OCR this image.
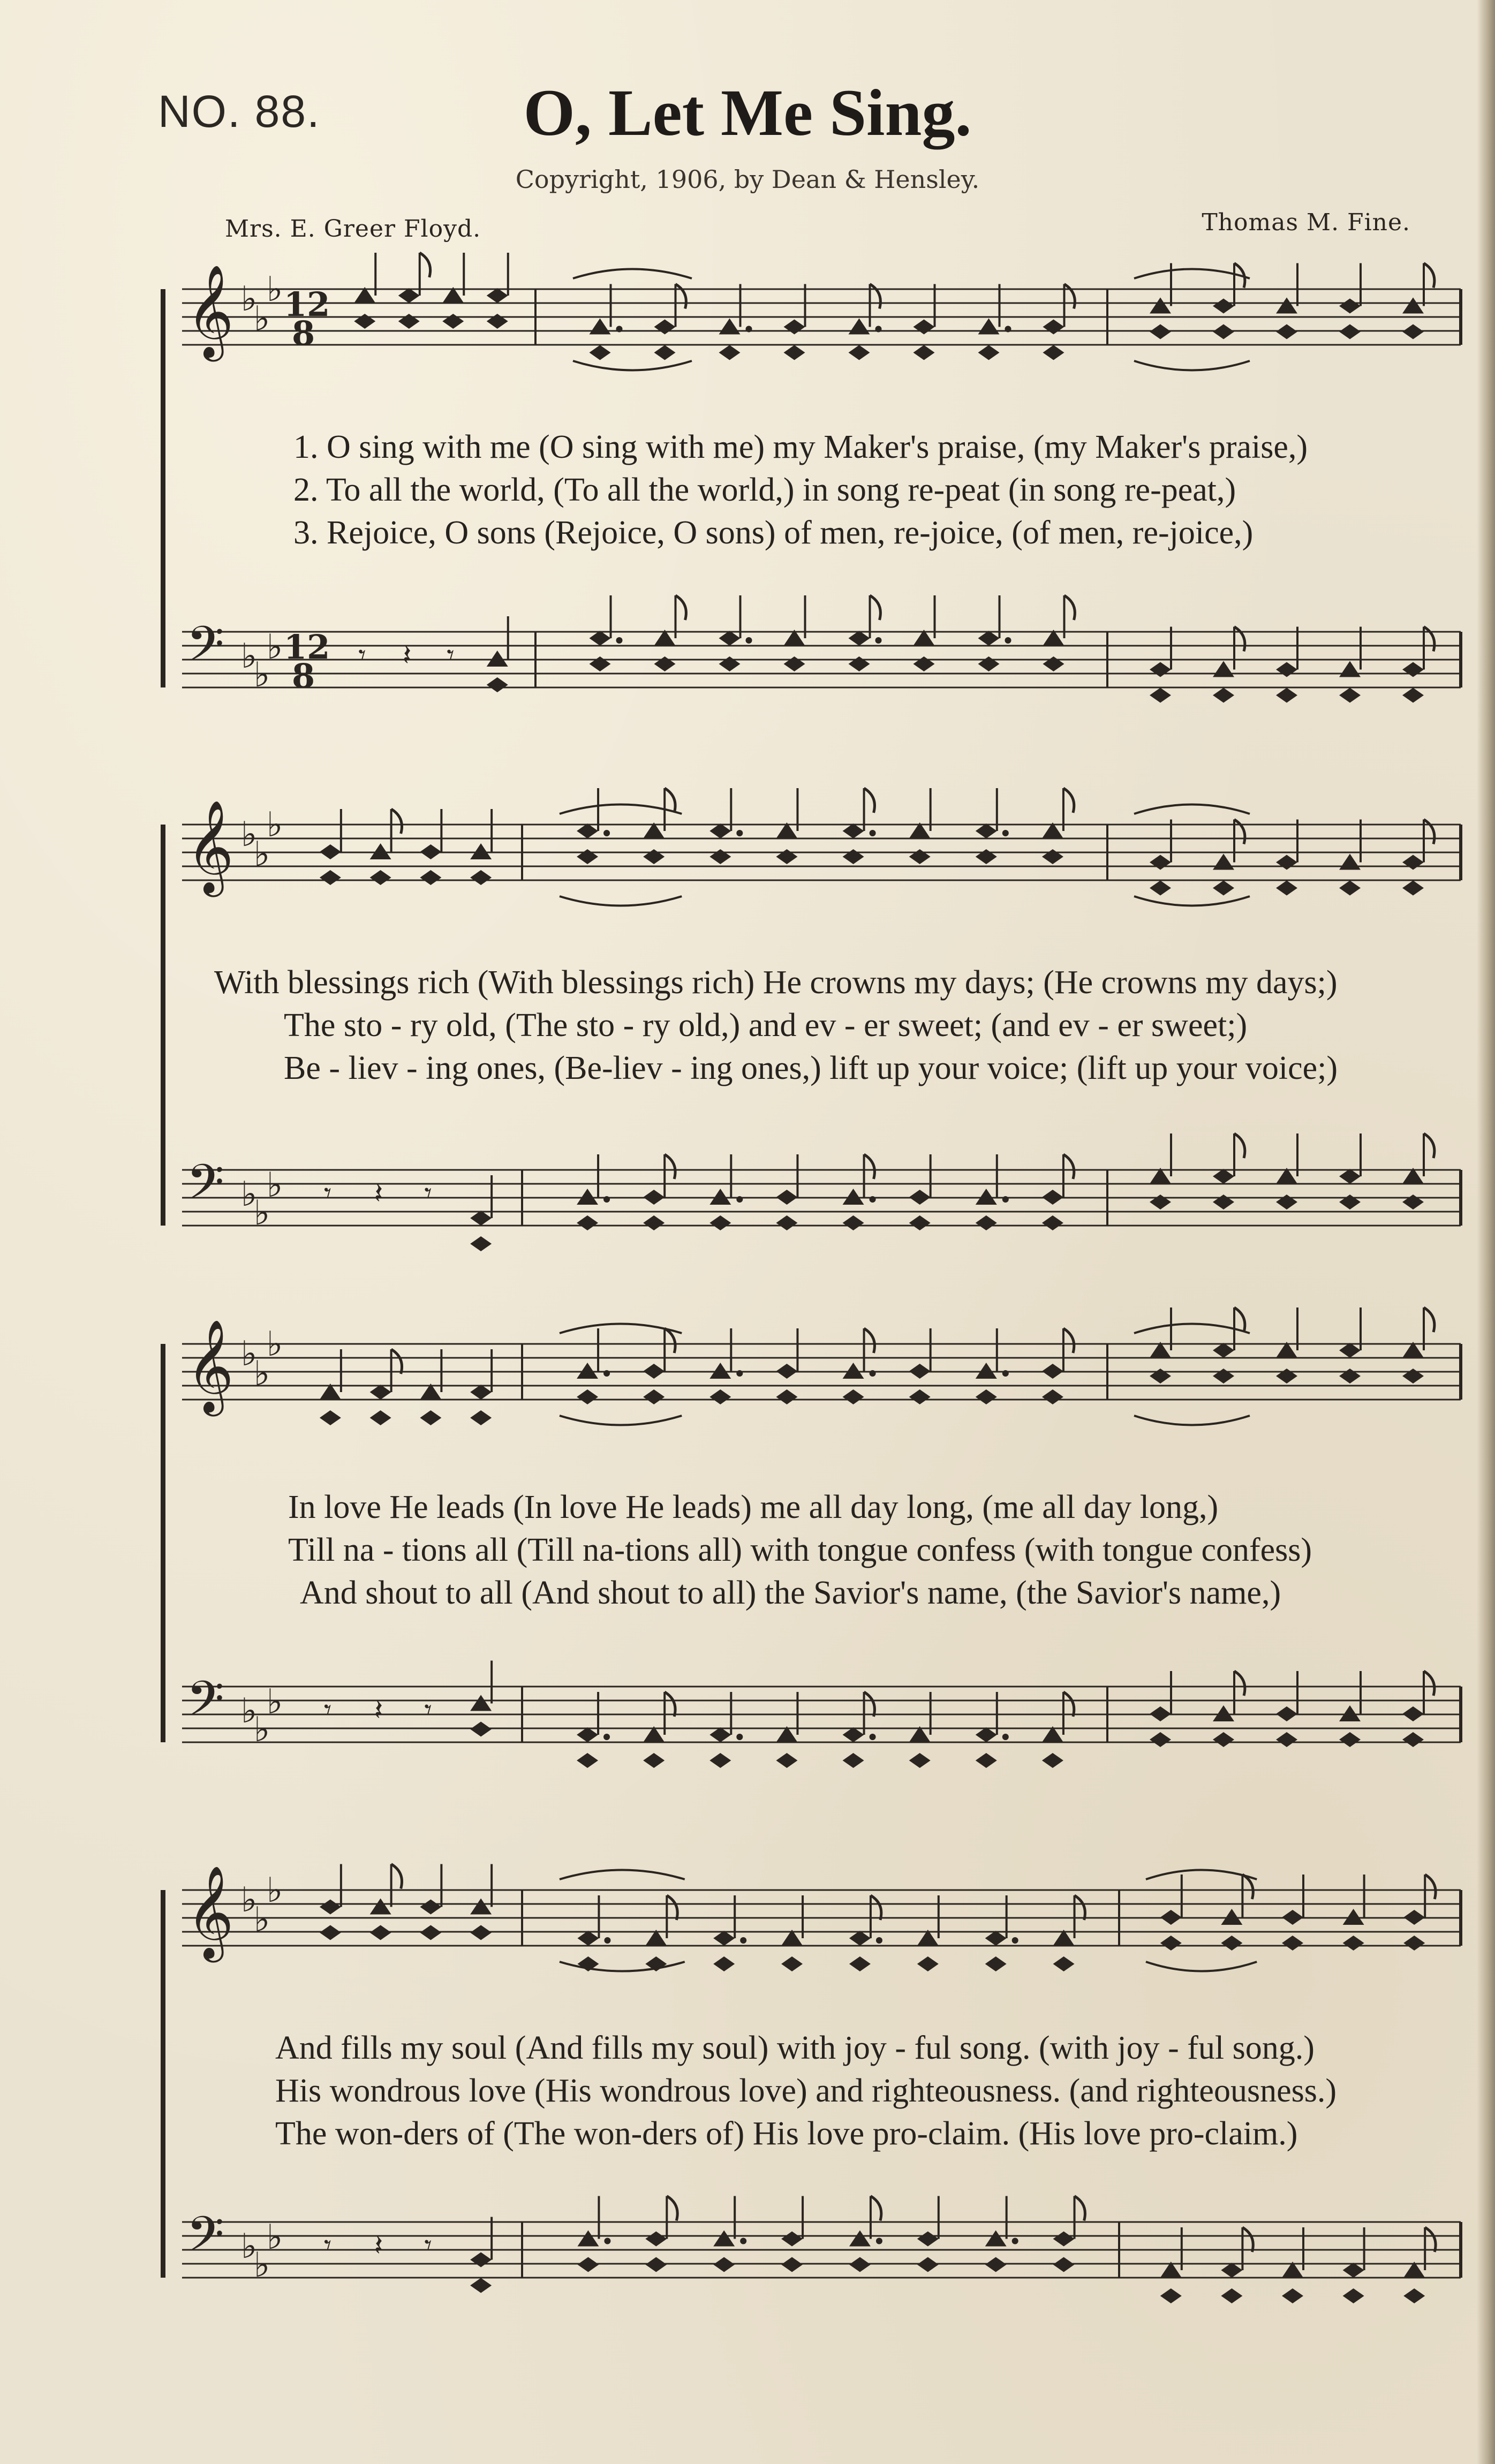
NO. 88.	O, Let Me Sing.
Copyright, 1906, by Dean & Hensley.
Mrs. E. Greer Floyd.	Thomas M. Fine.
𝄞 ♭
♭
♭ 12
8
𝄢 ♭
♭
♭ 12
8
𝄾 𝄽 𝄾
𝄞 ♭
♭
♭
𝄢 ♭
♭
♭ 𝄾 𝄽 𝄾
𝄞 ♭
♭
♭
𝄢 ♭
♭
♭ 𝄾 𝄽 𝄾
𝄞 ♭
♭
♭
𝄢 ♭
♭
♭ 𝄾 𝄽 𝄾
1. O sing with me (O sing with me) my Maker's praise, (my Maker's praise,)
2. To all the world, (To all the world,) in song re-peat (in song re-peat,)
3. Rejoice, O sons (Rejoice, O sons) of men, re-joice, (of men, re-joice,)
With blessings rich (With blessings rich) He crowns my days; (He crowns my days;)
The sto - ry old, (The sto - ry old,) and ev - er sweet; (and ev - er sweet;)
Be - liev - ing ones, (Be-liev - ing ones,) lift up your voice; (lift up your voice;)
In love He leads (In love He leads) me all day long, (me all day long,)
Till na - tions all (Till na-tions all) with tongue confess (with tongue confess)
And shout to all (And shout to all) the Savior's name, (the Savior's name,)
And fills my soul (And fills my soul) with joy - ful song. (with joy - ful song.)
His wondrous love (His wondrous love) and righteousness. (and righteousness.)
The won-ders of (The won-ders of) His love pro-claim. (His love pro-claim.)
